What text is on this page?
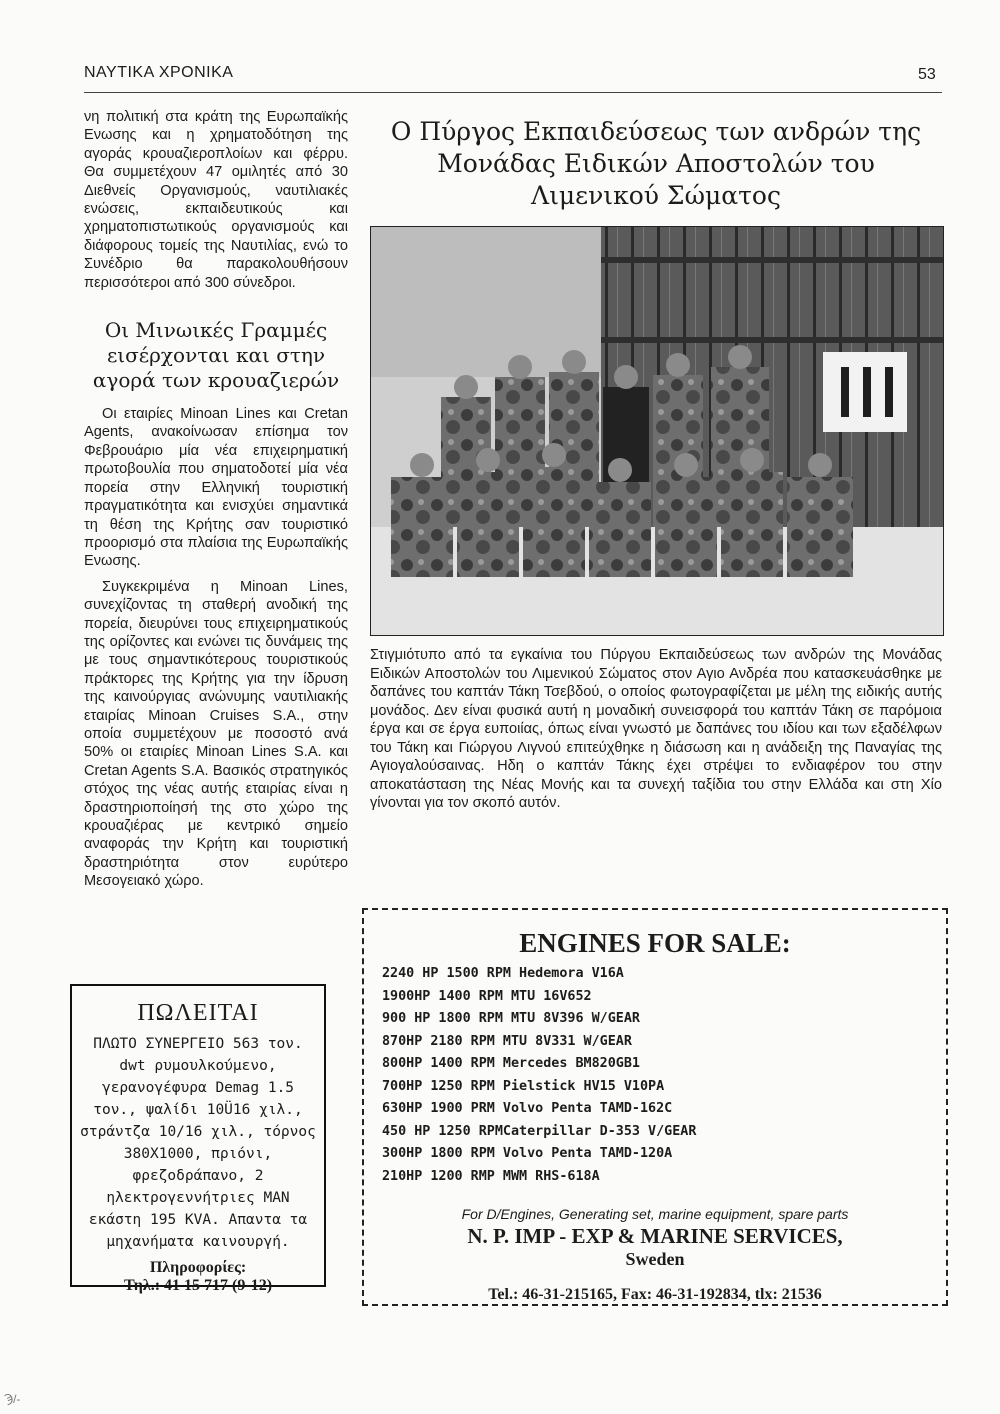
ΝΑΥΤΙΚΑ ΧΡΟΝΙΚΑ	53

νη πολιτική στα κράτη της Ευρωπαϊκής Ενωσης και η χρηματοδότηση της αγοράς κρουαζιεροπλοίων και φέρρυ. Θα συμμετέχουν 47 ομιλητές από 30 Διεθνείς Οργανισμούς, ναυτιλιακές ενώσεις, εκπαιδευτικούς και χρηματοπιστωτικούς οργανισμούς και διάφορους τομείς της Ναυτιλίας, ενώ το Συνέδριο θα παρακολουθήσουν περισσότεροι από 300 σύνεδροι.

Οι Μινωικές Γραμμές εισέρχονται και στην αγορά των κρουαζιερών

Οι εταιρίες Minoan Lines και Cretan Agents, ανακοίνωσαν επίσημα τον Φεβρουάριο μία νέα επιχειρηματική πρωτοβουλία που σηματοδοτεί μία νέα πορεία στην Ελληνική τουριστική πραγματικότητα και ενισχύει σημαντικά τη θέση της Κρήτης σαν τουριστικό προορισμό στα πλαίσια της Ευρωπαϊκής Ενωσης.

Συγκεκριμένα η Minoan Lines, συνεχίζοντας τη σταθερή ανοδική της πορεία, διευρύνει τους επιχειρηματικούς της ορίζοντες και ενώνει τις δυνάμεις της με τους σημαντικότερους τουριστικούς πράκτορες της Κρήτης για την ίδρυση της καινούργιας ανώνυμης ναυτιλιακής εταιρίας Minoan Cruises S.A., στην οποία συμμετέχουν με ποσοστό ανά 50% οι εταιρίες Minoan Lines S.A. και Cretan Agents S.A. Βασικός στρατηγικός στόχος της νέας αυτής εταιρίας είναι η δραστηριοποίησή της στο χώρο της κρουαζιέρας με κεντρικό σημείο αναφοράς την Κρήτη και τουριστική δραστηριότητα στον ευρύτερο Μεσογειακό χώρο.

Ο Πύργος Εκπαιδεύσεως των ανδρών της Μονάδας Ειδικών Αποστολών του Λιμενικού Σώματος
Στιγμιότυπο από τα εγκαίνια του Πύργου Εκπαιδεύσεως των ανδρών της Μονάδας Ειδικών Αποστολών του Λιμενικού Σώματος στον Αγιο Ανδρέα που κατασκευάσθηκε με δαπάνες του καπτάν Τάκη Τσεβδού, ο οποίος φωτογραφίζεται με μέλη της ειδικής αυτής μονάδος. Δεν είναι φυσικά αυτή η μοναδική συνεισφορά του καπτάν Τάκη σε παρόμοια έργα και σε έργα ευποιίας, όπως είναι γνωστό με δαπάνες του ιδίου και των εξαδέλφων του Τάκη και Γιώργου Λιγνού επιτεύχθηκε η διάσωση και η ανάδειξη της Παναγίας της Αγιογαλούσαινας. Ηδη ο καπτάν Τάκης έχει στρέψει το ενδιαφέρον του στην αποκατάσταση της Νέας Μονής και τα συνεχή ταξίδια του στην Ελλάδα και στη Χίο γίνονται για τον σκοπό αυτόν.
ΠΩΛΕΙΤΑΙ
ΠΛΩΤΟ ΣΥΝΕΡΓΕΙΟ 563 τον. dwt ρυμουλκούμενο, γερανογέφυρα Demag 1.5 τον., ψαλίδι 10Ü16 χιλ., στράντζα 10/16 χιλ., τόρνος 380Χ1000, πριόνι, φρεζοδράπανο, 2 ηλεκτρογεννήτριες MAN εκάστη 195 KVA. Απαντα τα μηχανήματα καινουργή.
Πληροφορίες:
Τηλ.: 41 15 717 (9-12)
ENGINES FOR SALE:
2240 HP 1500 RPM Hedemora V16A
1900HP 1400 RPM MTU 16V652
900 HP 1800 RPM MTU 8V396 W/GEAR
870HP 2180 RPM MTU 8V331 W/GEAR
800HP 1400 RPM Mercedes BM820GB1
700HP 1250 RPM Pielstick HV15 V10PA
630HP 1900 PRM Volvo Penta TAMD-162C
450 HP 1250 RPMCaterpillar D-353 V/GEAR
300HP 1800 RPM Volvo Penta TAMD-120A
210HP 1200 RMP MWM RHS-618A
For D/Engines, Generating set, marine equipment, spare parts
N. P. IMP - EXP & MARINE SERVICES,
Sweden
Tel.: 46-31-215165, Fax: 46-31-192834, tlx: 21536
Ϡ/-
